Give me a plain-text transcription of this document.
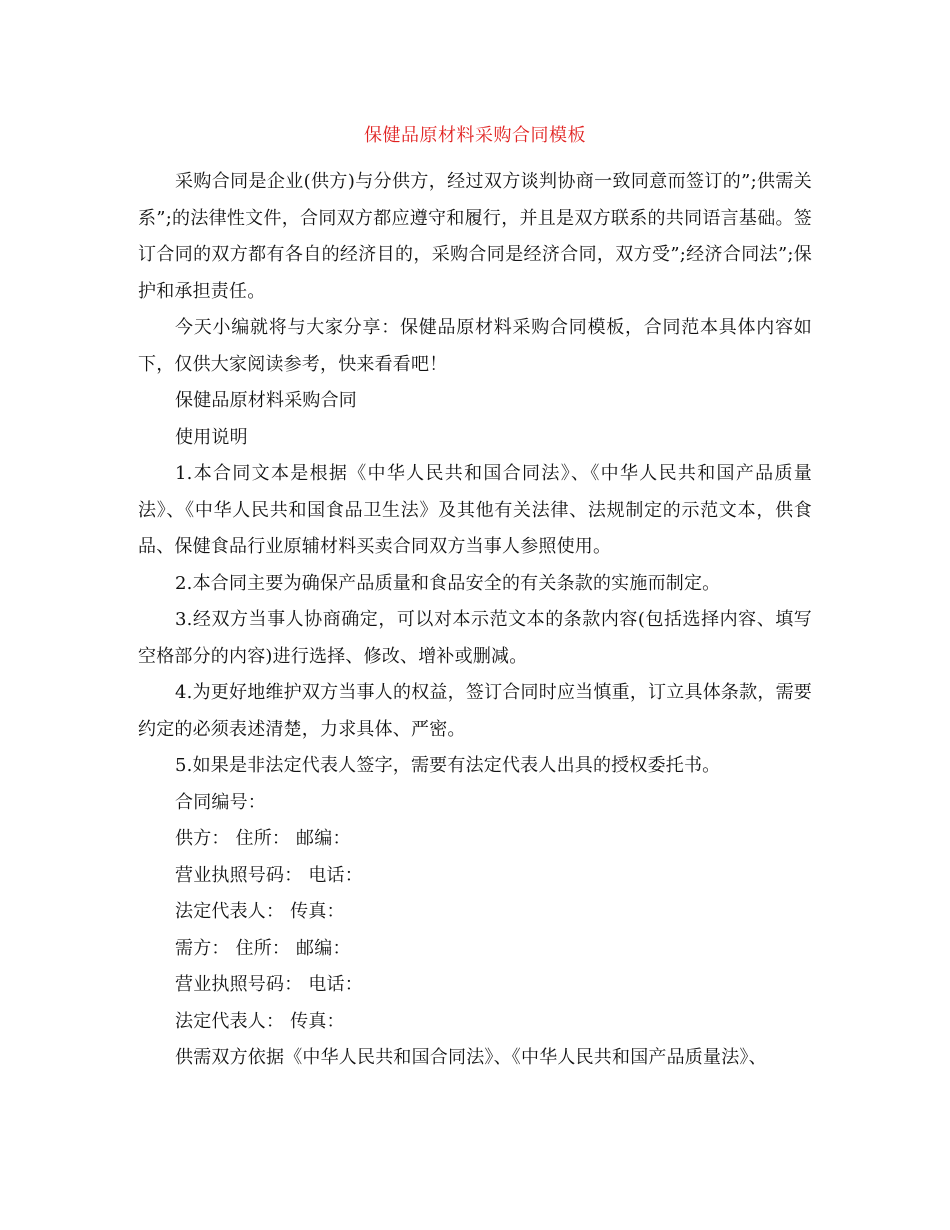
保健品原材料采购合同模板

采购合同是企业(供方)与分供方，经过双方谈判协商一致同意而签订的”;供需关系”;的法律性文件，合同双方都应遵守和履行，并且是双方联系的共同语言基础。签订合同的双方都有各自的经济目的，采购合同是经济合同，双方受”;经济合同法”;保护和承担责任。

今天小编就将与大家分享：保健品原材料采购合同模板，合同范本具体内容如下，仅供大家阅读参考，快来看看吧！

保健品原材料采购合同

使用说明

1.本合同文本是根据《中华人民共和国合同法》、《中华人民共和国产品质量法》、《中华人民共和国食品卫生法》及其他有关法律、法规制定的示范文本，供食品、保健食品行业原辅材料买卖合同双方当事人参照使用。

2.本合同主要为确保产品质量和食品安全的有关条款的实施而制定。

3.经双方当事人协商确定，可以对本示范文本的条款内容(包括选择内容、填写空格部分的内容)进行选择、修改、增补或删减。

4.为更好地维护双方当事人的权益，签订合同时应当慎重，订立具体条款，需要约定的必须表述清楚，力求具体、严密。

5.如果是非法定代表人签字，需要有法定代表人出具的授权委托书。

合同编号：

供方： 住所： 邮编：

营业执照号码： 电话：

法定代表人： 传真：

需方： 住所： 邮编：

营业执照号码： 电话：

法定代表人： 传真：

供需双方依据《中华人民共和国合同法》、《中华人民共和国产品质量法》、
